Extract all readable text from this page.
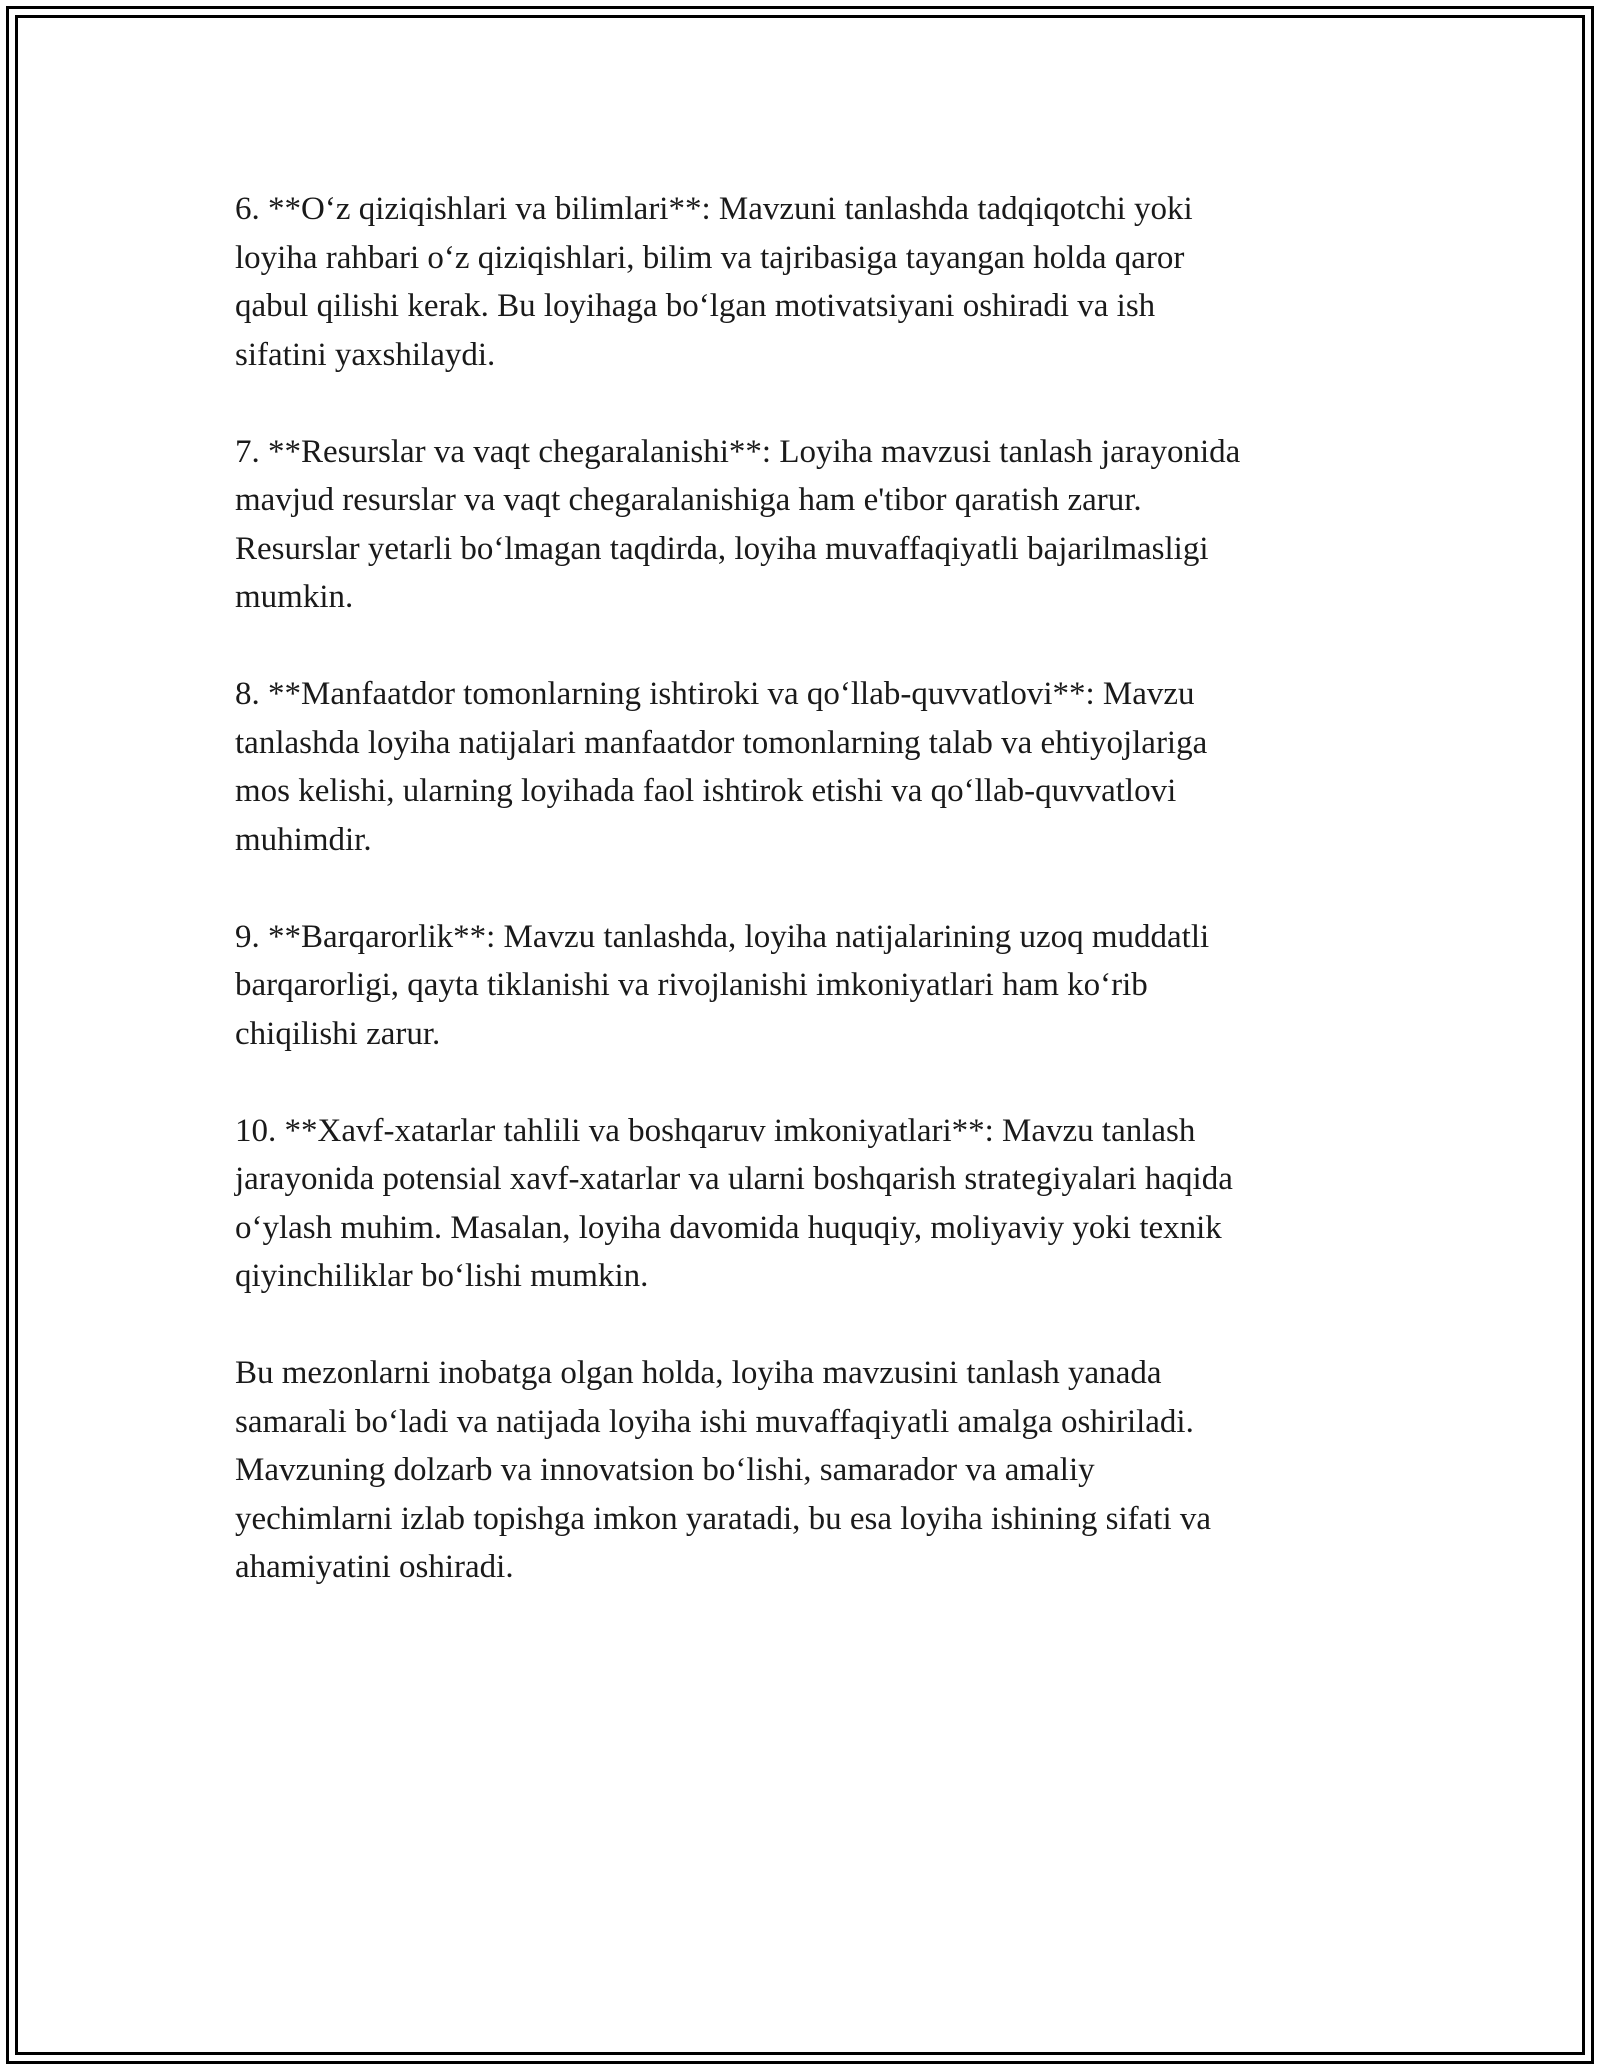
6. **O‘z qiziqishlari va bilimlari**: Mavzuni tanlashda tadqiqotchi yoki
loyiha rahbari o‘z qiziqishlari, bilim va tajribasiga tayangan holda qaror
qabul qilishi kerak. Bu loyihaga bo‘lgan motivatsiyani oshiradi va ish
sifatini yaxshilaydi.

7. **Resurslar va vaqt chegaralanishi**: Loyiha mavzusi tanlash jarayonida
mavjud resurslar va vaqt chegaralanishiga ham e'tibor qaratish zarur.
Resurslar yetarli bo‘lmagan taqdirda, loyiha muvaffaqiyatli bajarilmasligi
mumkin.

8. **Manfaatdor tomonlarning ishtiroki va qo‘llab-quvvatlovi**: Mavzu
tanlashda loyiha natijalari manfaatdor tomonlarning talab va ehtiyojlariga
mos kelishi, ularning loyihada faol ishtirok etishi va qo‘llab-quvvatlovi
muhimdir.

9. **Barqarorlik**: Mavzu tanlashda, loyiha natijalarining uzoq muddatli
barqarorligi, qayta tiklanishi va rivojlanishi imkoniyatlari ham ko‘rib
chiqilishi zarur.

10. **Xavf-xatarlar tahlili va boshqaruv imkoniyatlari**: Mavzu tanlash
jarayonida potensial xavf-xatarlar va ularni boshqarish strategiyalari haqida
o‘ylash muhim. Masalan, loyiha davomida huquqiy, moliyaviy yoki texnik
qiyinchiliklar bo‘lishi mumkin.

Bu mezonlarni inobatga olgan holda, loyiha mavzusini tanlash yanada
samarali bo‘ladi va natijada loyiha ishi muvaffaqiyatli amalga oshiriladi.
Mavzuning dolzarb va innovatsion bo‘lishi, samarador va amaliy
yechimlarni izlab topishga imkon yaratadi, bu esa loyiha ishining sifati va
ahamiyatini oshiradi.
